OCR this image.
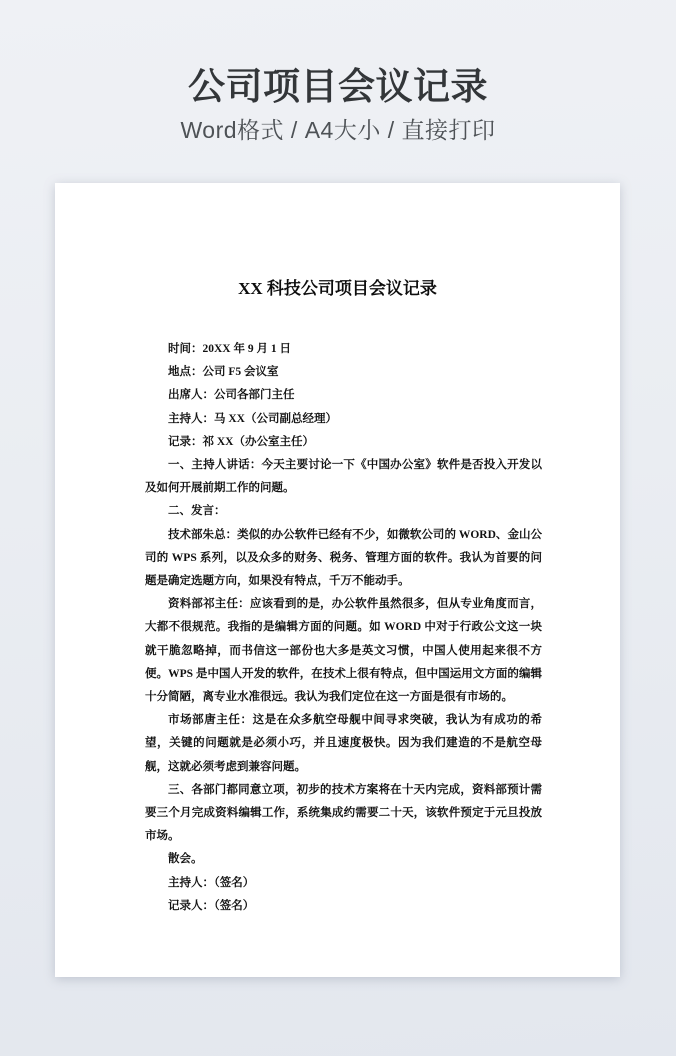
公司项目会议记录

Word格式 / A4大小 / 直接打印

XX 科技公司项目会议记录

时间：20XX 年 9 月 1 日

地点：公司 F5 会议室

出席人：公司各部门主任

主持人：马 XX（公司副总经理）

记录：祁 XX（办公室主任）

一、主持人讲话：今天主要讨论一下《中国办公室》软件是否投入开发以及如何开展前期工作的问题。

二、发言：

技术部朱总：类似的办公软件已经有不少，如微软公司的 WORD、金山公司的 WPS 系列，以及众多的财务、税务、管理方面的软件。我认为首要的问题是确定选题方向，如果没有特点，千万不能动手。

资料部祁主任：应该看到的是，办公软件虽然很多，但从专业角度而言，大都不很规范。我指的是编辑方面的问题。如 WORD 中对于行政公文这一块就干脆忽略掉，而书信这一部份也大多是英文习惯，中国人使用起来很不方便。WPS 是中国人开发的软件，在技术上很有特点，但中国运用文方面的编辑十分简陋，离专业水准很远。我认为我们定位在这一方面是很有市场的。

市场部唐主任：这是在众多航空母舰中间寻求突破，我认为有成功的希望，关键的问题就是必须小巧，并且速度极快。因为我们建造的不是航空母舰，这就必须考虑到兼容问题。

三、各部门都同意立项，初步的技术方案将在十天内完成，资料部预计需要三个月完成资料编辑工作，系统集成约需要二十天，该软件预定于元旦投放市场。

散会。

主持人：（签名）

记录人：（签名）
